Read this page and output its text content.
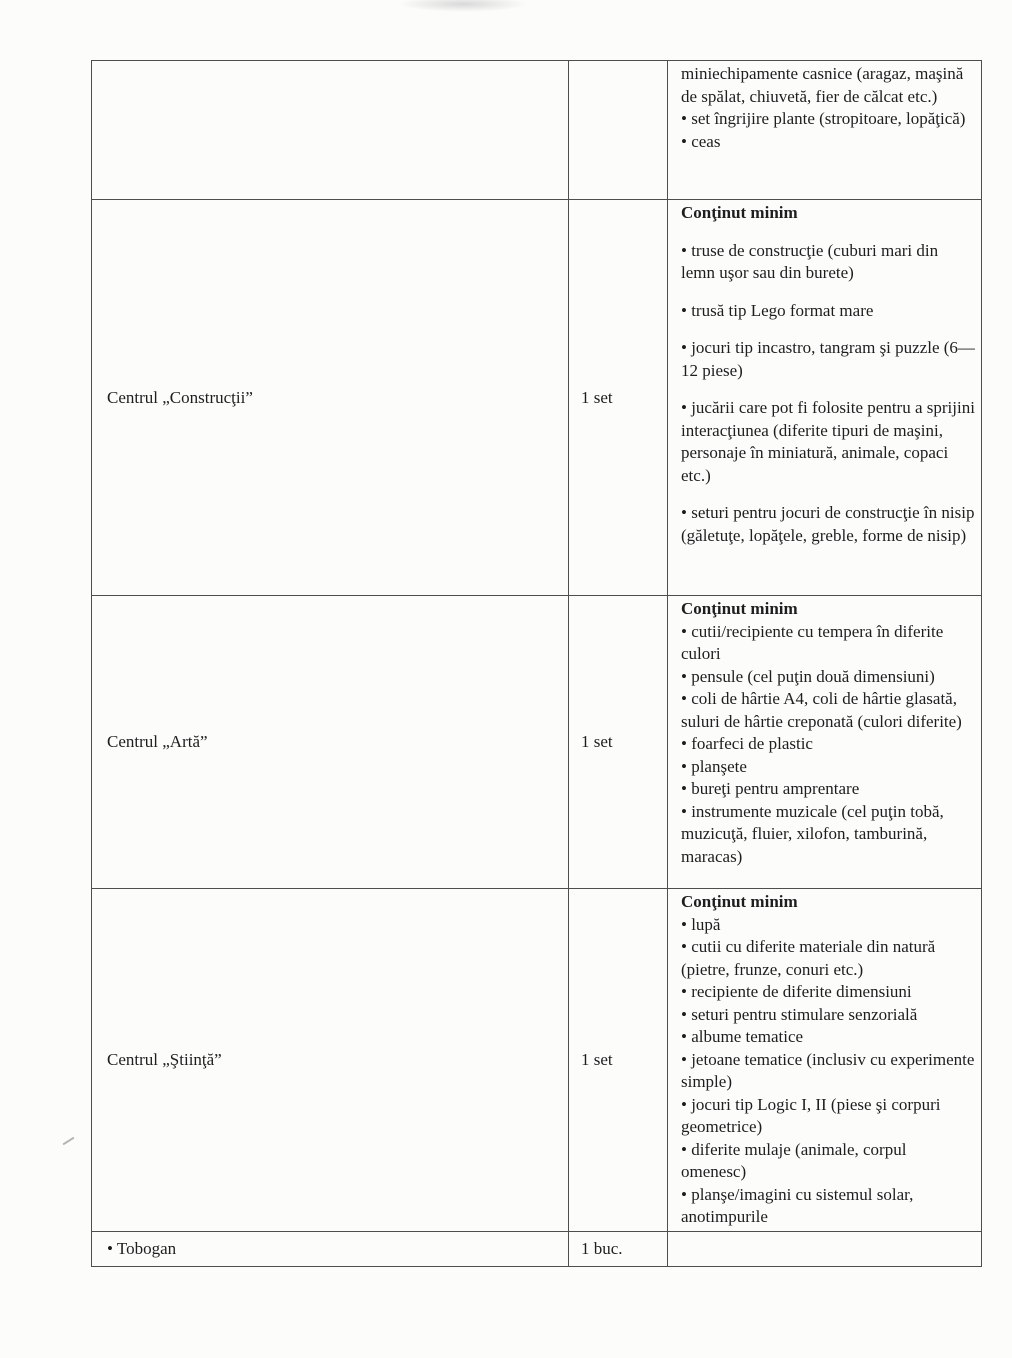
		miniechipamente casnice (aragaz, maşină de spălat, chiuvetă, fier de călcat etc.)
• set îngrijire plante (stropitoare, lopăţică)
• ceas

Centrul „Construcţii”	1 set	
Conţinut minim
• truse de construcţie (cuburi mari din lemn uşor sau din burete)
• trusă tip Lego format mare
• jocuri tip incastro, tangram şi puzzle (6—12 piese)
• jucării care pot fi folosite pentru a sprijini interacţiunea (diferite tipuri de maşini, personaje în miniatură, animale, copaci etc.)
• seturi pentru jocuri de construcţie în nisip (găletuţe, lopăţele, greble, forme de nisip)

Centrul „Artă”	1 set	
Conţinut minim
• cutii/recipiente cu tempera în diferite culori
• pensule (cel puţin două dimensiuni)
• coli de hârtie A4, coli de hârtie glasată, suluri de hârtie creponată (culori diferite)
• foarfeci de plastic
• planşete
• bureţi pentru amprentare
• instrumente muzicale (cel puţin tobă, muzicuţă, fluier, xilofon, tamburină, maracas)

Centrul „Ştiinţă”	1 set	
Conţinut minim
• lupă
• cutii cu diferite materiale din natură (pietre, frunze, conuri etc.)
• recipiente de diferite dimensiuni
• seturi pentru stimulare senzorială
• albume tematice
• jetoane tematice (inclusiv cu experimente simple)
• jocuri tip Logic I, II (piese şi corpuri geometrice)
• diferite mulaje (animale, corpul omenesc)
• planşe/imagini cu sistemul solar, anotimpurile

• Tobogan	1 buc.	
